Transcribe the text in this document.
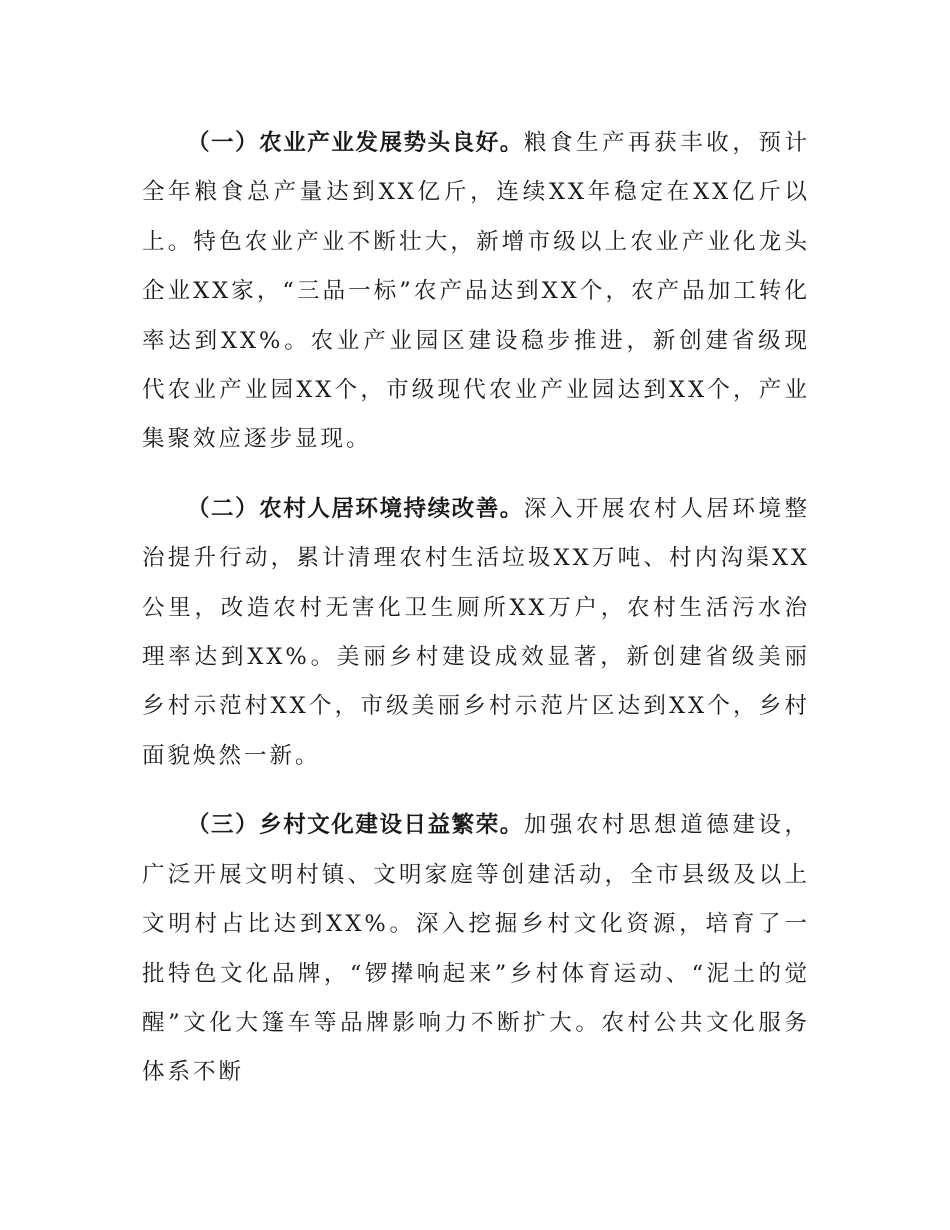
（一）农业产业发展势头良好。粮食生产再获丰收，预计全年粮食总产量达到XX亿斤，连续XX年稳定在XX亿斤以上。特色农业产业不断壮大，新增市级以上农业产业化龙头企业XX家，“三品一标”农产品达到XX个，农产品加工转化率达到XX%。农业产业园区建设稳步推进，新创建省级现代农业产业园XX个，市级现代农业产业园达到XX个，产业集聚效应逐步显现。

（二）农村人居环境持续改善。深入开展农村人居环境整治提升行动，累计清理农村生活垃圾XX万吨、村内沟渠XX公里，改造农村无害化卫生厕所XX万户，农村生活污水治理率达到XX%。美丽乡村建设成效显著，新创建省级美丽乡村示范村XX个，市级美丽乡村示范片区达到XX个，乡村面貌焕然一新。

（三）乡村文化建设日益繁荣。加强农村思想道德建设，广泛开展文明村镇、文明家庭等创建活动，全市县级及以上文明村占比达到XX%。深入挖掘乡村文化资源，培育了一批特色文化品牌，“锣撵响起来”乡村体育运动、“泥土的觉醒”文化大篷车等品牌影响力不断扩大。农村公共文化服务体系不断
